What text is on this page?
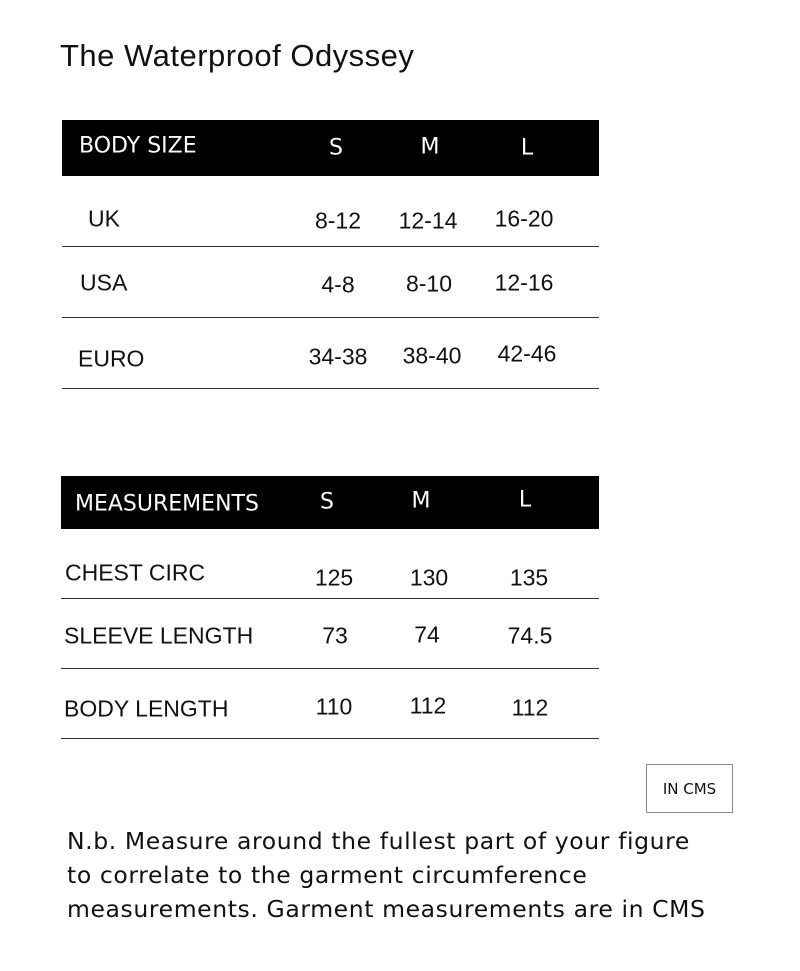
The Waterproof Odyssey
BODY SIZE	S	M	L
UK	8-12 12-14 16-20
USA	4-8 8-10 12-16
EURO	34-38 38-40 42-46
MEASUREMENTS	S	M	L
CHEST CIRC	125 130	135
SLEEVE LENGTH	73	74	74.5
BODY LENGTH	110 112	112
IN CMS

N.b. Measure around the fullest part of your figure

to correlate to the garment circumference

measurements. Garment measurements are in CMS
